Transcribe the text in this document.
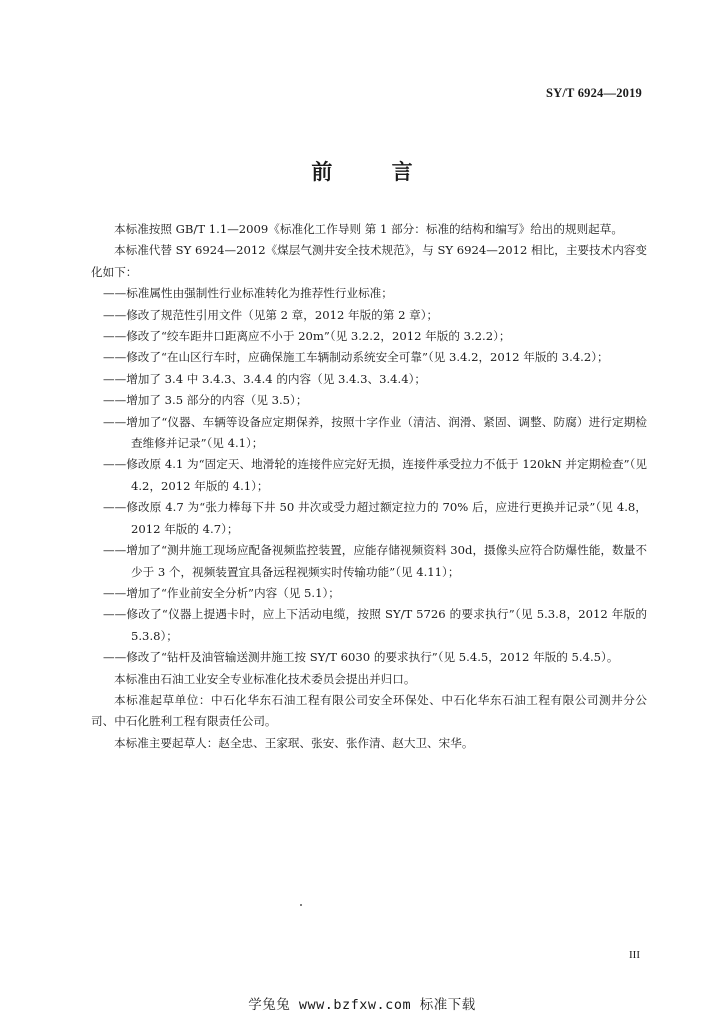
SY/T 6924—2019
前 言

本标准按照 GB/T 1.1—2009《标准化工作导则 第 1 部分：标准的结构和编写》给出的规则起草。

本标准代替 SY 6924—2012《煤层气测井安全技术规范》，与 SY 6924—2012 相比，主要技术内容变化如下：

——标准属性由强制性行业标准转化为推荐性行业标准；

——修改了规范性引用文件（见第 2 章，2012 年版的第 2 章）；

——修改了“绞车距井口距离应不小于 20m”（见 3.2.2，2012 年版的 3.2.2）；

——修改了“在山区行车时，应确保施工车辆制动系统安全可靠”（见 3.4.2，2012 年版的 3.4.2）；

——增加了 3.4 中 3.4.3、3.4.4 的内容（见 3.4.3、3.4.4）；

——增加了 3.5 部分的内容（见 3.5）；

——增加了“仪器、车辆等设备应定期保养，按照十字作业（清洁、润滑、紧固、调整、防腐）进行定期检查维修并记录”（见 4.1）；

——修改原 4.1 为“固定天、地滑轮的连接件应完好无损，连接件承受拉力不低于 120kN 并定期检查”（见 4.2，2012 年版的 4.1）；

——修改原 4.7 为“张力棒每下井 50 井次或受力超过额定拉力的 70% 后，应进行更换并记录”（见 4.8，2012 年版的 4.7）；

——增加了“测井施工现场应配备视频监控装置，应能存储视频资料 30d，摄像头应符合防爆性能，数量不少于 3 个，视频装置宜具备远程视频实时传输功能”（见 4.11）；

——增加了“作业前安全分析”内容（见 5.1）；

——修改了“仪器上提遇卡时，应上下活动电缆，按照 SY/T 5726 的要求执行”（见 5.3.8，2012 年版的 5.3.8）；

——修改了“钻杆及油管输送测井施工按 SY/T 6030 的要求执行”（见 5.4.5，2012 年版的 5.4.5）。

本标准由石油工业安全专业标准化技术委员会提出并归口。

本标准起草单位：中石化华东石油工程有限公司安全环保处、中石化华东石油工程有限公司测井分公司、中石化胜利工程有限责任公司。

本标准主要起草人：赵全忠、王家珉、张安、张作清、赵大卫、宋华。

III
学兔兔 www.bzfxw.com 标准下载
